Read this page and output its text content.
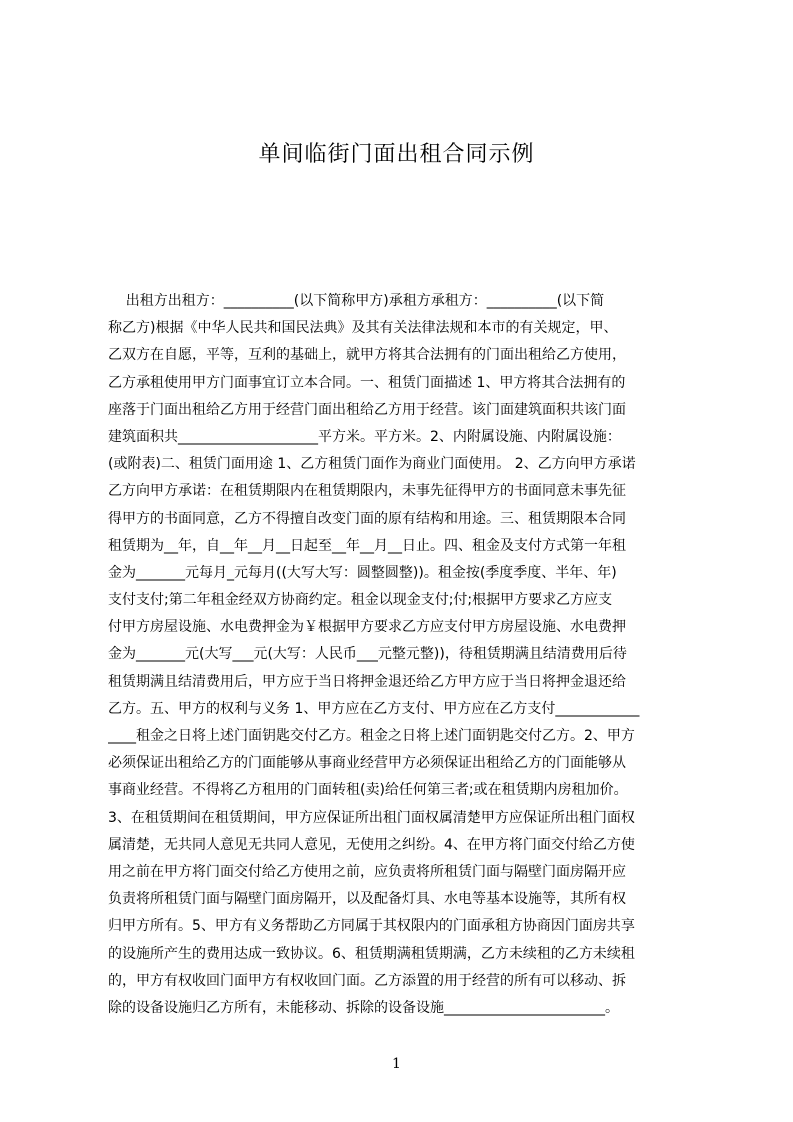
单间临街门面出租合同示例
出租方出租方：__________(以下简称甲方)承租方承租方：__________(以下简
称乙方)根据《中华人民共和国民法典》及其有关法律法规和本市的有关规定，甲、
乙双方在自愿，平等，互利的基础上，就甲方将其合法拥有的门面出租给乙方使用，
乙方承租使用甲方门面事宜订立本合同。一、租赁门面描述 1、甲方将其合法拥有的
座落于门面出租给乙方用于经营门面出租给乙方用于经营。该门面建筑面积共该门面
建筑面积共____________________平方米。平方米。2、内附属设施、内附属设施：
(或附表)二、租赁门面用途 1、乙方租赁门面作为商业门面使用。 2、乙方向甲方承诺
乙方向甲方承诺：在租赁期限内在租赁期限内，未事先征得甲方的书面同意未事先征
得甲方的书面同意，乙方不得擅自改变门面的原有结构和用途。三、租赁期限本合同
租赁期为__年，自__年__月__日起至__年__月__日止。四、租金及支付方式第一年租
金为_______元每月_元每月((大写大写：圆整圆整))。租金按(季度季度、半年、年)
支付支付;第二年租金经双方协商约定。租金以现金支付;付;根据甲方要求乙方应支
付甲方房屋设施、水电费押金为￥根据甲方要求乙方应支付甲方房屋设施、水电费押
金为_______元(大写___元(大写：人民币___元整元整))，待租赁期满且结清费用后待
租赁期满且结清费用后，甲方应于当日将押金退还给乙方甲方应于当日将押金退还给
乙方。五、甲方的权利与义务 1、甲方应在乙方支付、甲方应在乙方支付____________
____租金之日将上述门面钥匙交付乙方。租金之日将上述门面钥匙交付乙方。2、甲方
必须保证出租给乙方的门面能够从事商业经营甲方必须保证出租给乙方的门面能够从
事商业经营。不得将乙方租用的门面转租(卖)给任何第三者;或在租赁期内房租加价。
3、在租赁期间在租赁期间，甲方应保证所出租门面权属清楚甲方应保证所出租门面权
属清楚，无共同人意见无共同人意见，无使用之纠纷。4、在甲方将门面交付给乙方使
用之前在甲方将门面交付给乙方使用之前，应负责将所租赁门面与隔壁门面房隔开应
负责将所租赁门面与隔壁门面房隔开，以及配备灯具、水电等基本设施等，其所有权
归甲方所有。5、甲方有义务帮助乙方同属于其权限内的门面承租方协商因门面房共享
的设施所产生的费用达成一致协议。6、租赁期满租赁期满，乙方未续租的乙方未续租
的，甲方有权收回门面甲方有权收回门面。乙方添置的用于经营的所有可以移动、拆
除的设备设施归乙方所有，未能移动、拆除的设备设施_______________________。
1
